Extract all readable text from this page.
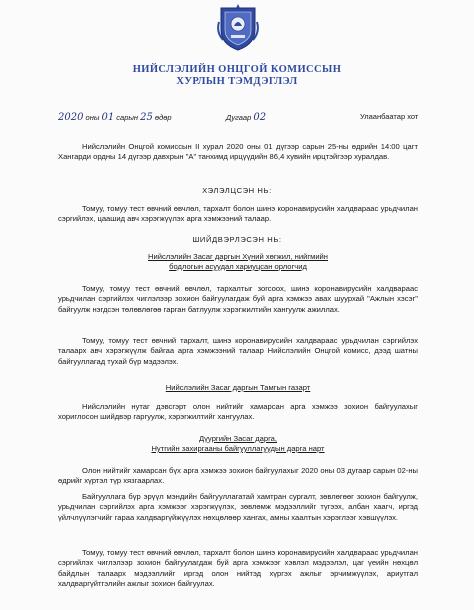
НИЙСЛЭЛИЙН ОНЦГОЙ КОМИССЫН
ХУРЛЫН ТЭМДЭГЛЭЛ
2020 оны 01 сарын 25 өдөр	Дугаар 02	Улаанбаатар хот

Нийслэлийн Онцгой комиссын II хурал 2020 оны 01 дүгээр сарын 25-ны өдрийн 14:00 цагт Хангарди ордны 14 дүгээр давхрын "А" танхимд ирцүүдийн 86,4 хувийн ирцтэйгээр хуралдав.

ХЭЛЭЛЦСЭН НЬ:

Томуу, томуу тест өвчний өвчлөл, тархалт болон шинэ коронавирусийн халдвараас урьдчилан сэргийлэх, цаашид авч хэрэгжүүлэх арга хэмжээний талаар.

ШИЙДВЭРЛЭСЭН НЬ:
Нийслэлийн Засаг даргын Хүний хөгжил, нийгмийн
бодлогын асуудал хариуцсан орлогчид

Томуу, томуу тест өвчний өвчлөл, тархалтыг зогсоох, шинэ коронавирусийн халдвараас урьдчилан сэргийлэх чиглэлээр зохион байгуулагдаж буй арга хэмжээ авах шуурхай "Ажлын хэсэг" байгуулж нэгдсэн төлөвлөгөө гарган батлуулж хэрэгжилтийн хангуулж ажиллах.

Томуу, томуу тест өвчний тархалт, шинэ коронавирусийн халдвараас урьдчилан сэргийлэх талаарх авч хэрэгжүүлж байгаа арга хэмжээний талаар Нийслэлийн Онцгой комисс, дээд шатны байгууллагад тухай бүр мэдээлэх.

Нийслэлийн Засаг даргын Тамгын газарт

Нийслэлийн нутаг дэвсгэрт олон нийтийг хамарсан арга хэмжээ зохион байгуулахыг хориглосон шийдвэр гаргуулж, хэрэгжилтийг хангуулах.

Дүүргийн Засаг дарга,
Нутгийн захиргааны байгууллагуудын дарга нарт

Олон нийтийг хамарсан бүх арга хэмжээ зохион байгуулахыг 2020 оны 03 дугаар сарын 02-ны өдрийг хүртэл түр хязгаарлах.

Байгууллага бүр эрүүл мэндийн байгууллагатай хамтран сургалт, зөвлөгөөг зохион байгуулж, урьдчилан сэргийлэх арга хэмжээг хэрэгжүүлэх, зөвлөмж мэдээллийг түгээх, албан хаагч, иргэд үйлчлүүлэгчийг гараа халдваргүйжүүлэх нөхцөлөөр хангах, амны хаалтын хэрэглээг хэвшүүлэх.

Томуу, томуу тест өвчний өвчлөл, тархалт болон шинэ коронавирусийн халдвараас урьдчилан сэргийлэх чиглэлээр зохион байгуулагдаж буй арга хэмжээг хэвлэл мэдээлэл, цаг үеийн нөхцөл байдлын талаарх мэдээллийг иргэд олон нийтэд хүргэх ажлыг эрчимжүүлэх, ариутгал халдваргүйтгэлийн ажлыг зохион байгуулах.
